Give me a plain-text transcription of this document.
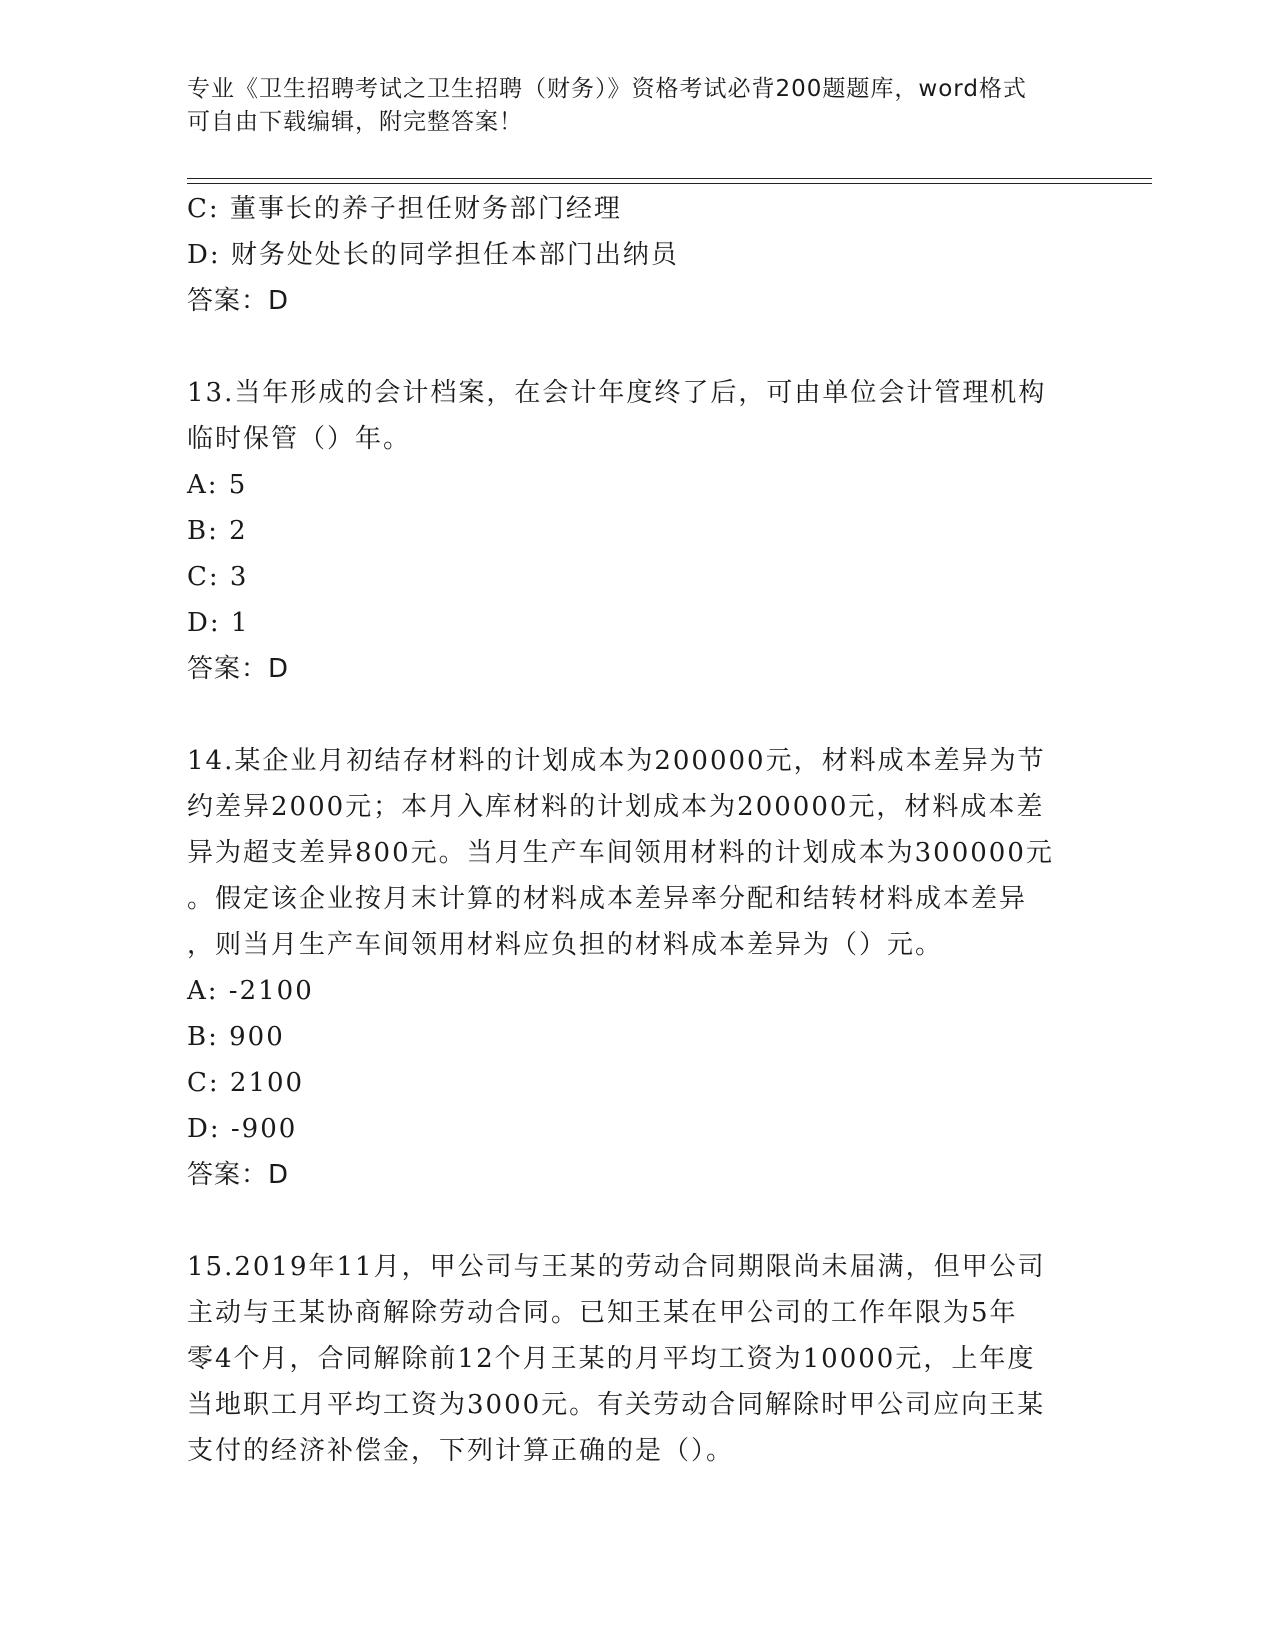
专业《卫生招聘考试之卫生招聘（财务）》资格考试必背200题题库，word格式
可自由下载编辑，附完整答案！
C: 董事长的养子担任财务部门经理
D: 财务处处长的同学担任本部门出纳员
答案：D
13.当年形成的会计档案，在会计年度终了后，可由单位会计管理机构
临时保管（）年。
A: 5
B: 2
C: 3
D: 1
答案：D
14.某企业月初结存材料的计划成本为200000元，材料成本差异为节
约差异2000元；本月入库材料的计划成本为200000元，材料成本差
异为超支差异800元。当月生产车间领用材料的计划成本为300000元
。假定该企业按月末计算的材料成本差异率分配和结转材料成本差异
，则当月生产车间领用材料应负担的材料成本差异为（）元。
A: -2100
B: 900
C: 2100
D: -900
答案：D
15.2019年11月，甲公司与王某的劳动合同期限尚未届满，但甲公司
主动与王某协商解除劳动合同。已知王某在甲公司的工作年限为5年
零4个月，合同解除前12个月王某的月平均工资为10000元，上年度
当地职工月平均工资为3000元。有关劳动合同解除时甲公司应向王某
支付的经济补偿金，下列计算正确的是（）。
